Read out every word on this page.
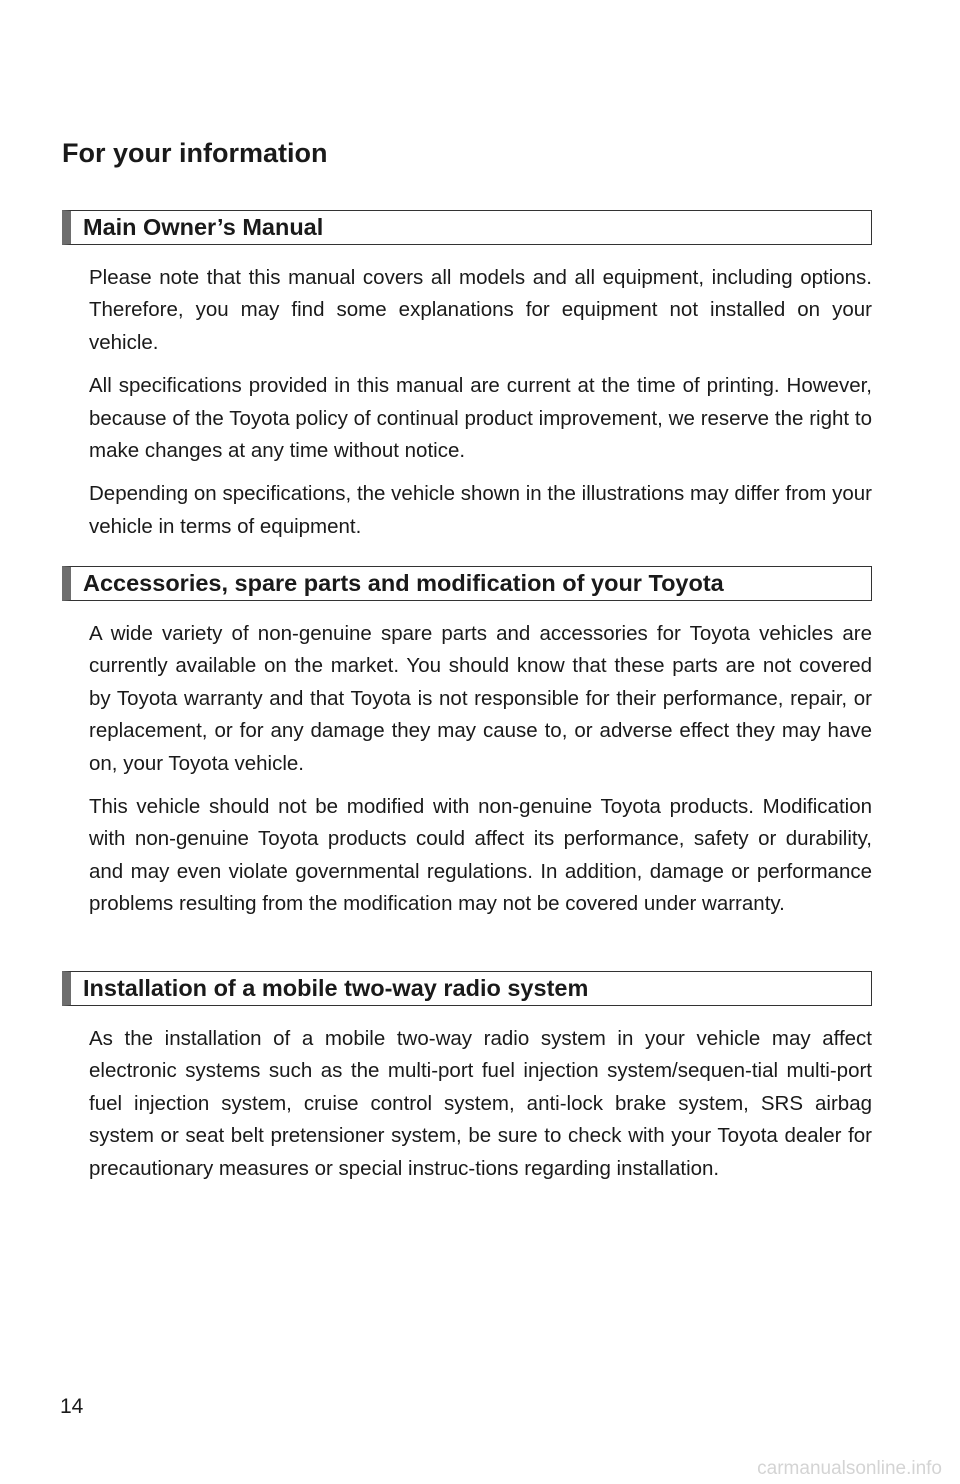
For your information
Main Owner’s Manual

Please note that this manual covers all models and all equipment, including options. Therefore, you may find some explanations for equipment not installed on your vehicle.

All specifications provided in this manual are current at the time of printing. However, because of the Toyota policy of continual product improvement, we reserve the right to make changes at any time without notice.

Depending on specifications, the vehicle shown in the illustrations may differ from your vehicle in terms of equipment.

Accessories, spare parts and modification of your Toyota

A wide variety of non-genuine spare parts and accessories for Toyota vehicles are currently available on the market. You should know that these parts are not covered by Toyota warranty and that Toyota is not responsible for their performance, repair, or replacement, or for any damage they may cause to, or adverse effect they may have on, your Toyota vehicle.

This vehicle should not be modified with non-genuine Toyota products. Modification with non-genuine Toyota products could affect its performance, safety or durability, and may even violate governmental regulations. In addition, damage or performance problems resulting from the modification may not be covered under warranty.

Installation of a mobile two-way radio system

As the installation of a mobile two-way radio system in your vehicle may affect electronic systems such as the multi-port fuel injection system/sequen-tial multi-port fuel injection system, cruise control system, anti-lock brake system, SRS airbag system or seat belt pretensioner system, be sure to check with your Toyota dealer for precautionary measures or special instruc-tions regarding installation.

14
carmanualsonline.info
